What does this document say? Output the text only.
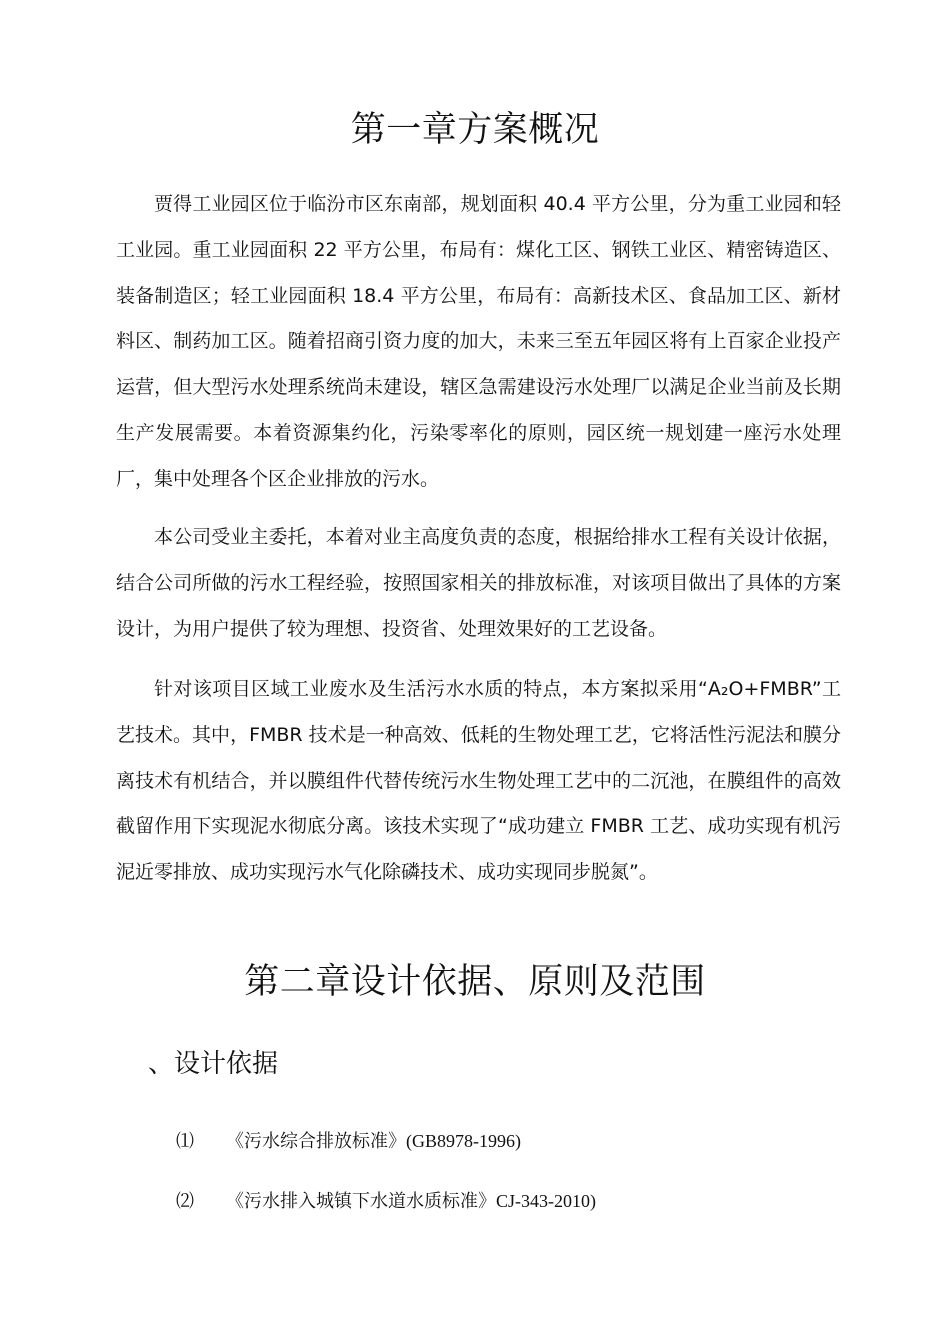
第一章方案概况

贾得工业园区位于临汾市区东南部，规划面积 40.4 平方公里，分为重工业园和轻工业园。重工业园面积 22 平方公里，布局有：煤化工区、钢铁工业区、精密铸造区、装备制造区；轻工业园面积 18.4 平方公里，布局有：高新技术区、食品加工区、新材料区、制药加工区。随着招商引资力度的加大，未来三至五年园区将有上百家企业投产运营，但大型污水处理系统尚未建设，辖区急需建设污水处理厂以满足企业当前及长期生产发展需要。本着资源集约化，污染零率化的原则，园区统一规划建一座污水处理厂，集中处理各个区企业排放的污水。

本公司受业主委托，本着对业主高度负责的态度，根据给排水工程有关设计依据，结合公司所做的污水工程经验，按照国家相关的排放标准，对该项目做出了具体的方案设计，为用户提供了较为理想、投资省、处理效果好的工艺设备。

针对该项目区域工业废水及生活污水水质的特点，本方案拟采用“A₂O+FMBR”工艺技术。其中，FMBR 技术是一种高效、低耗的生物处理工艺，它将活性污泥法和膜分离技术有机结合，并以膜组件代替传统污水生物处理工艺中的二沉池，在膜组件的高效截留作用下实现泥水彻底分离。该技术实现了“成功建立 FMBR 工艺、成功实现有机污泥近零排放、成功实现污水气化除磷技术、成功实现同步脱氮”。

第二章设计依据、原则及范围
、设计依据
⑴ 《污水综合排放标准》(GB8978-1996)
⑵ 《污水排入城镇下水道水质标准》CJ-343-2010)
